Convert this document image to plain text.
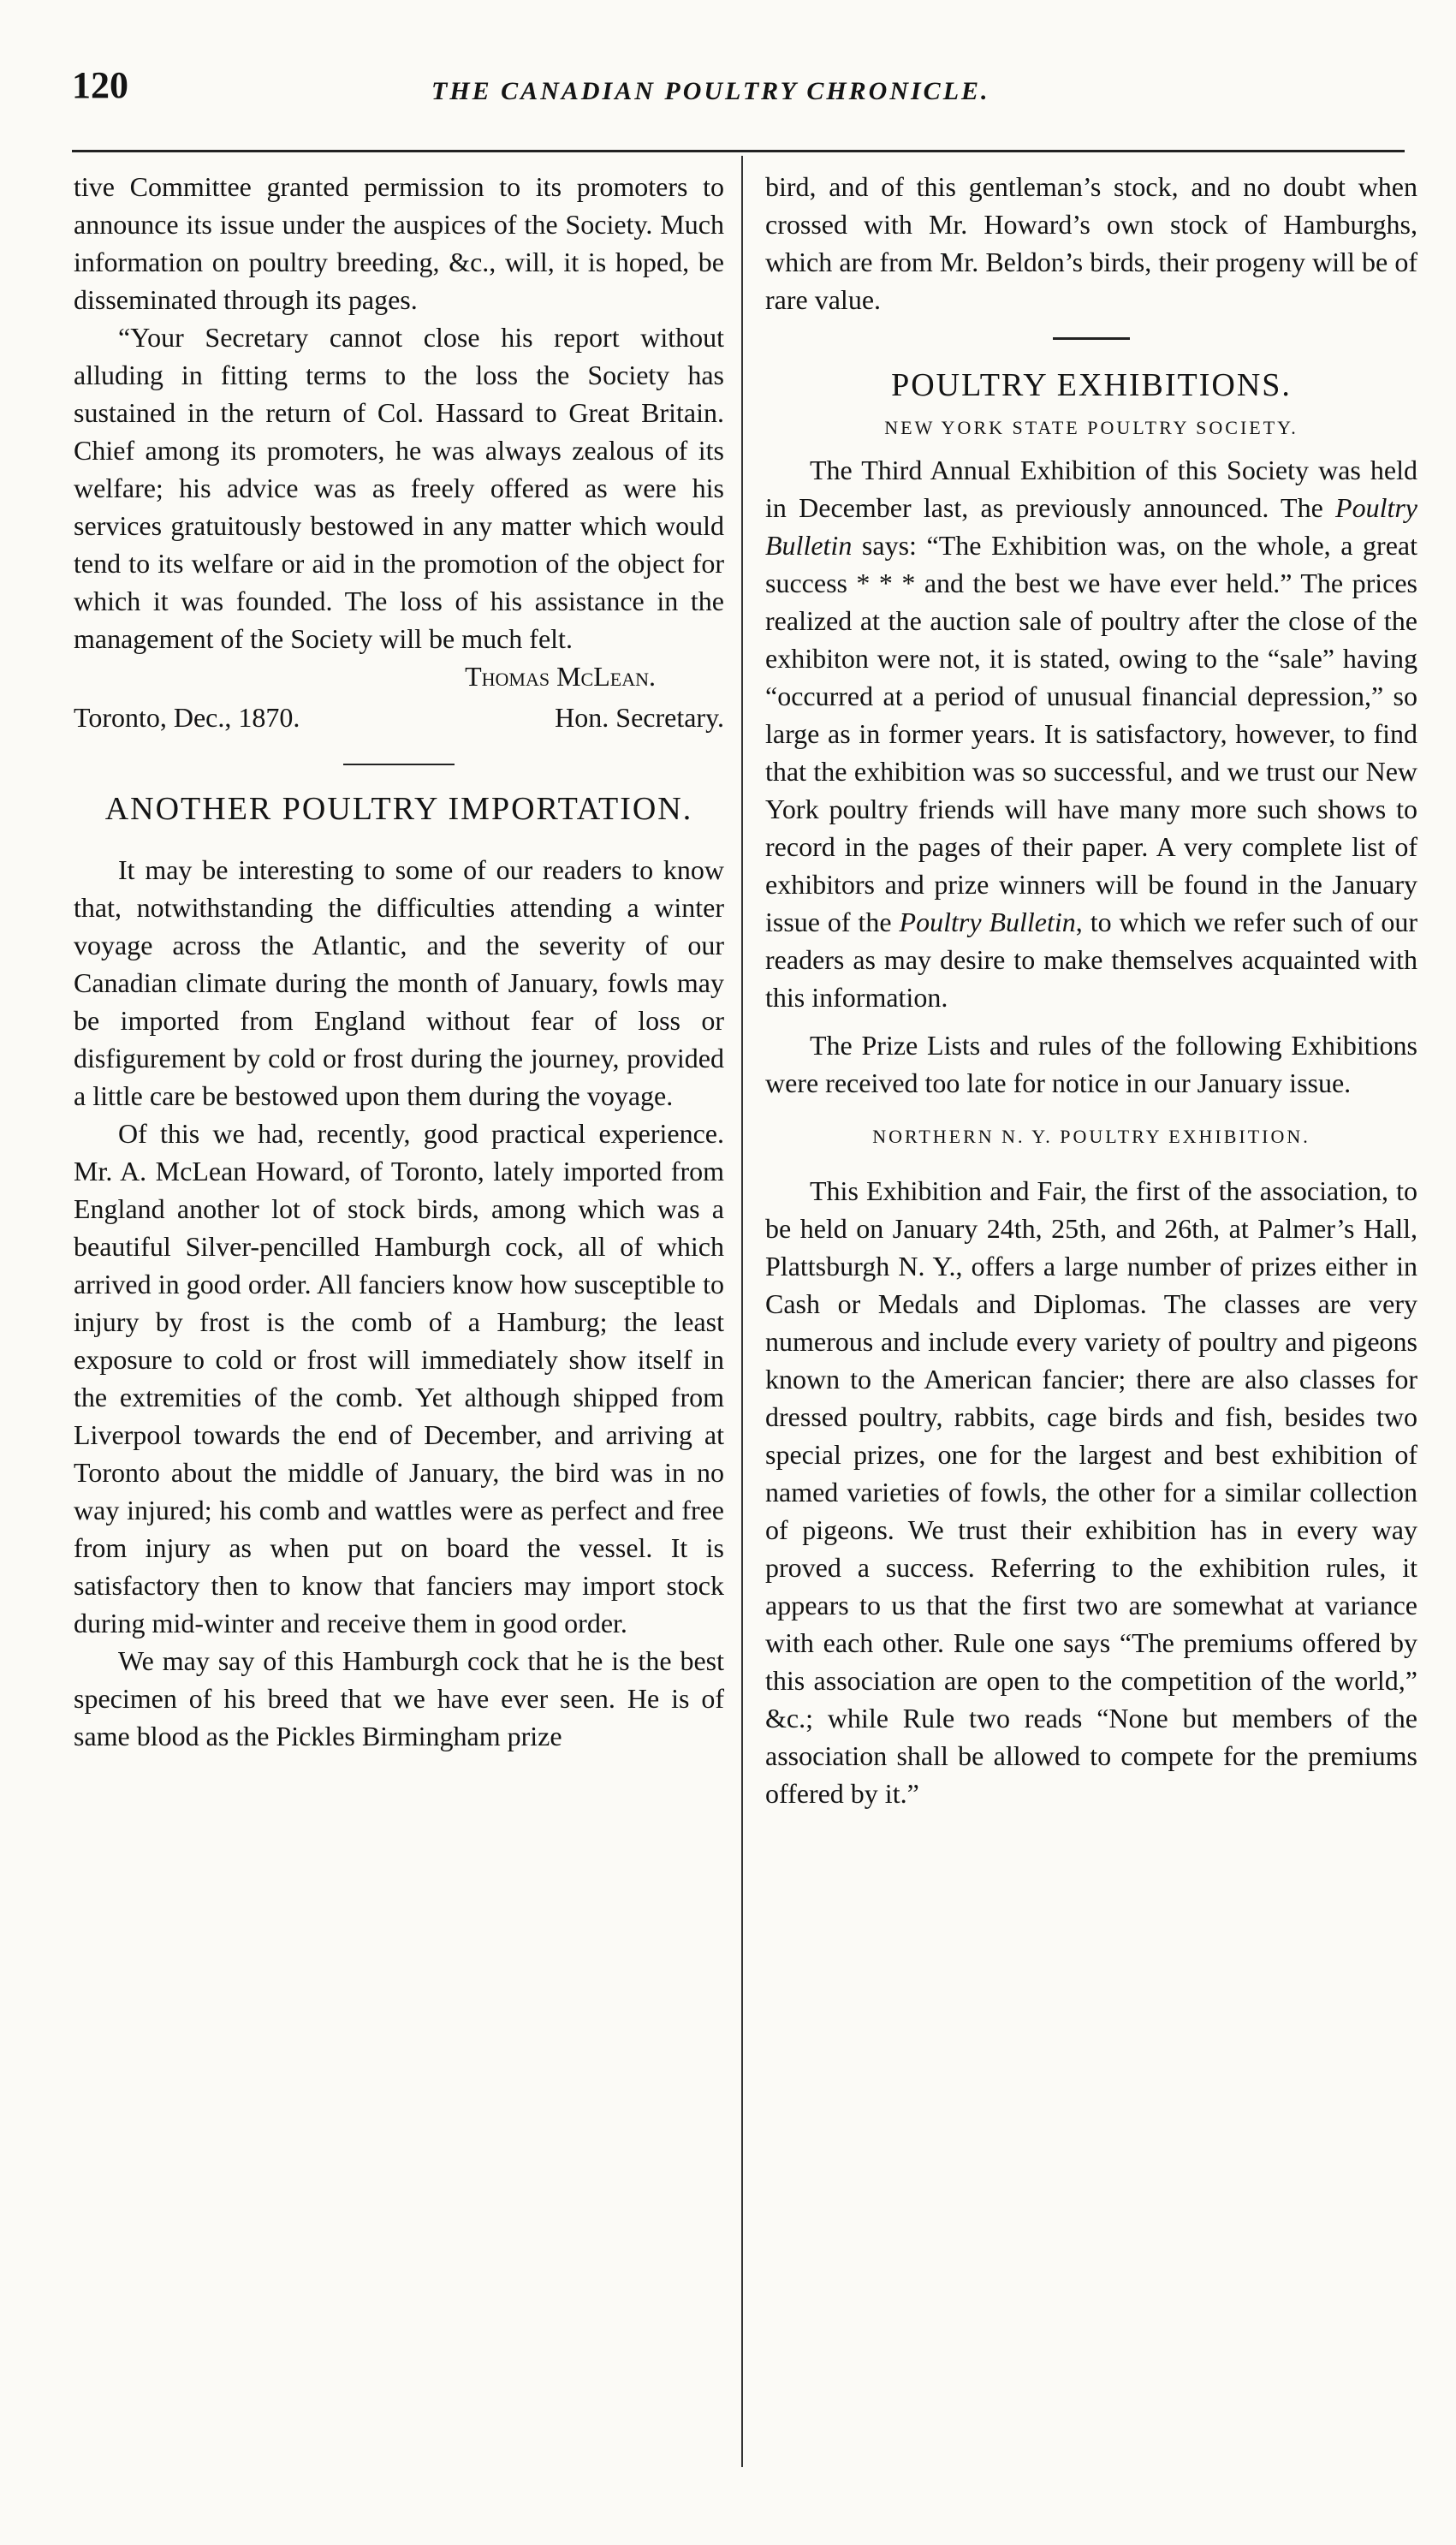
120	THE CANADIAN POULTRY CHRONICLE.

tive Committee granted permission to its promoters to announce its issue under the auspices of the Society. Much information on poultry breeding, &c., will, it is hoped, be disseminated through its pages.

“Your Secretary cannot close his report without alluding in fitting terms to the loss the Society has sustained in the return of Col. Hassard to Great Britain. Chief among its promoters, he was always zealous of its welfare; his advice was as freely offered as were his services gratuitously bestowed in any matter which would tend to its welfare or aid in the promotion of the object for which it was founded. The loss of his assistance in the management of the Society will be much felt.

Thomas McLean.

Toronto, Dec., 1870.	Hon. Secretary.

ANOTHER POULTRY IMPORTATION.

It may be interesting to some of our readers to know that, notwithstanding the difficulties attending a winter voyage across the Atlantic, and the severity of our Canadian climate during the month of January, fowls may be imported from England without fear of loss or disfigurement by cold or frost during the journey, provided a little care be bestowed upon them during the voyage.

Of this we had, recently, good practical experience. Mr. A. McLean Howard, of Toronto, lately imported from England another lot of stock birds, among which was a beautiful Silver-pencilled Hamburgh cock, all of which arrived in good order. All fanciers know how susceptible to injury by frost is the comb of a Hamburg; the least exposure to cold or frost will immediately show itself in the extremities of the comb. Yet although shipped from Liverpool towards the end of December, and arriving at Toronto about the middle of January, the bird was in no way injured; his comb and wattles were as perfect and free from injury as when put on board the vessel. It is satisfactory then to know that fanciers may import stock during mid-winter and receive them in good order.

We may say of this Hamburgh cock that he is the best specimen of his breed that we have ever seen. He is of same blood as the Pickles Birmingham prize

bird, and of this gentleman’s stock, and no doubt when crossed with Mr. Howard’s own stock of Hamburghs, which are from Mr. Beldon’s birds, their progeny will be of rare value.

POULTRY EXHIBITIONS.
NEW YORK STATE POULTRY SOCIETY.

The Third Annual Exhibition of this Society was held in December last, as previously announced. The Poultry Bulletin says: “The Exhibition was, on the whole, a great success * * * and the best we have ever held.” The prices realized at the auction sale of poultry after the close of the exhibiton were not, it is stated, owing to the “sale” having “occurred at a period of unusual financial depression,” so large as in former years. It is satisfactory, however, to find that the exhibition was so successful, and we trust our New York poultry friends will have many more such shows to record in the pages of their paper. A very complete list of exhibitors and prize winners will be found in the January issue of the Poultry Bulletin, to which we refer such of our readers as may desire to make themselves acquainted with this information.

The Prize Lists and rules of the following Exhibitions were received too late for notice in our January issue.

NORTHERN N. Y. POULTRY EXHIBITION.

This Exhibition and Fair, the first of the association, to be held on January 24th, 25th, and 26th, at Palmer’s Hall, Plattsburgh N. Y., offers a large number of prizes either in Cash or Medals and Diplomas. The classes are very numerous and include every variety of poultry and pigeons known to the American fancier; there are also classes for dressed poultry, rabbits, cage birds and fish, besides two special prizes, one for the largest and best exhibition of named varieties of fowls, the other for a similar collection of pigeons. We trust their exhibition has in every way proved a success. Referring to the exhibition rules, it appears to us that the first two are somewhat at variance with each other. Rule one says “The premiums offered by this association are open to the competition of the world,” &c.; while Rule two reads “None but members of the association shall be allowed to compete for the premiums offered by it.”
